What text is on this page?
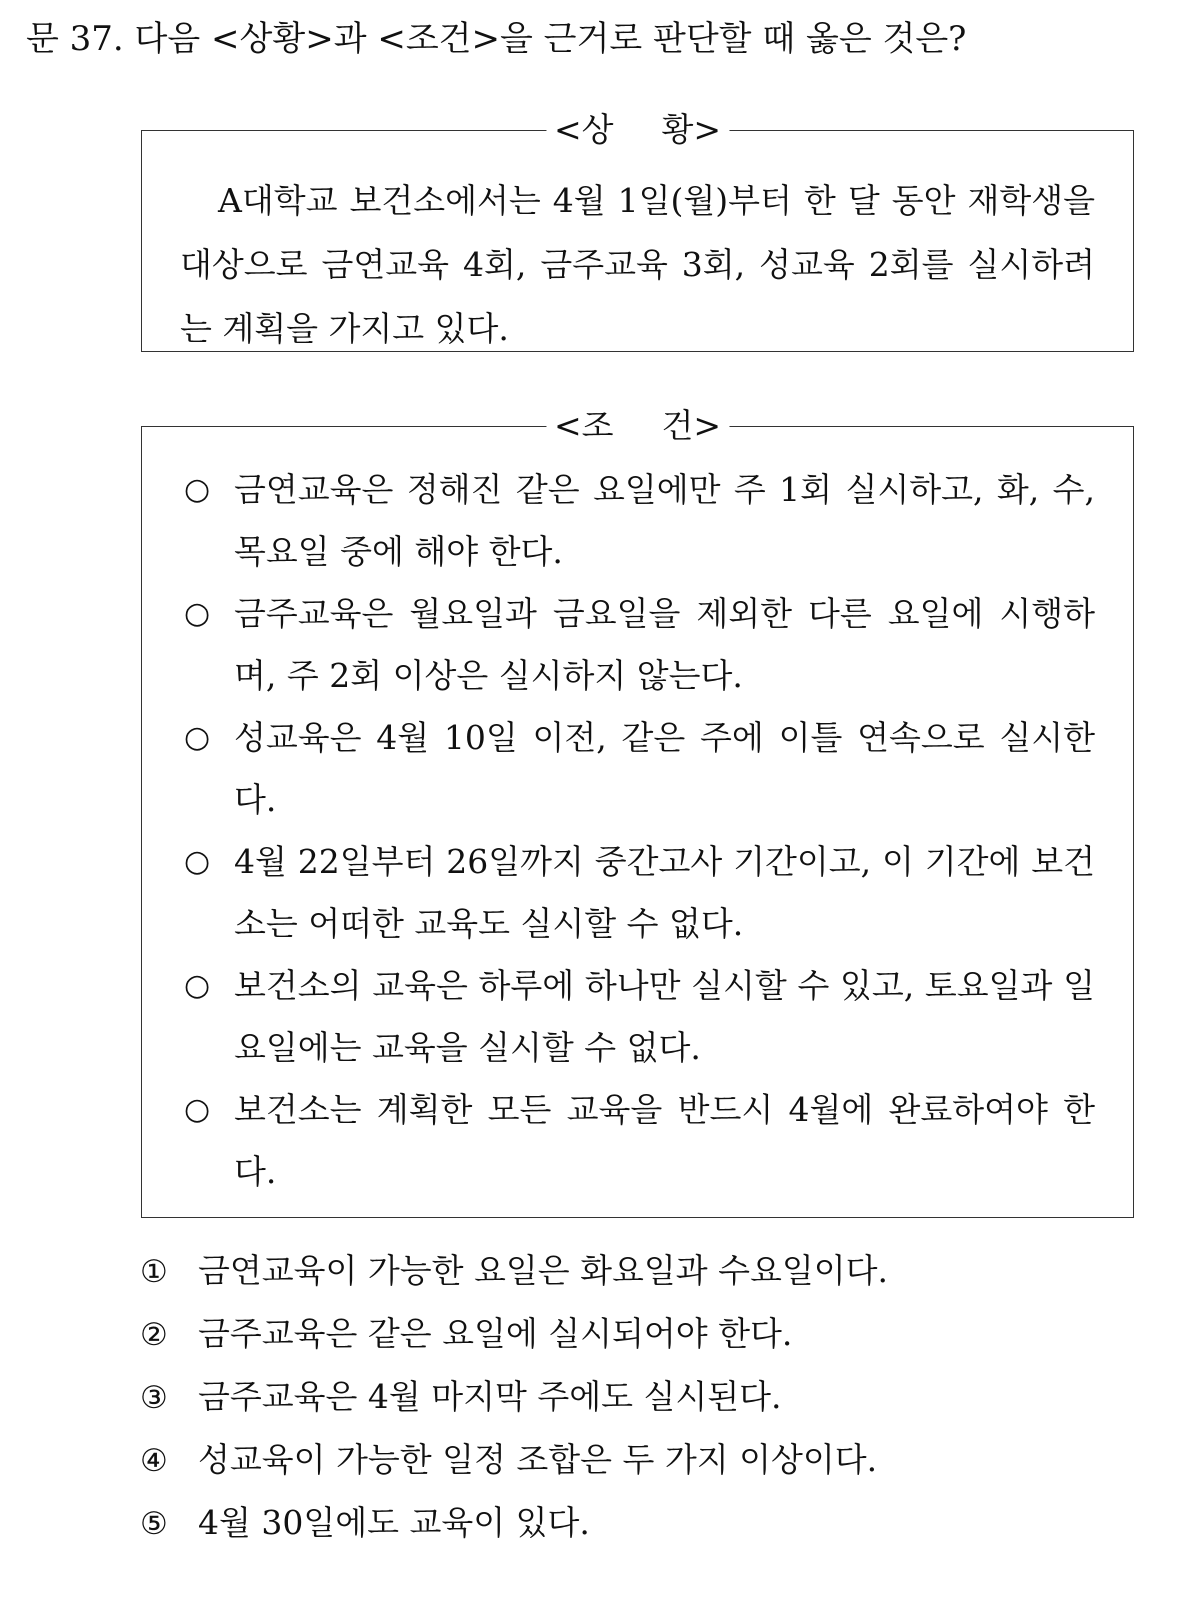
문 37. 다음 <상황>과 <조건>을 근거로 판단할 때 옳은 것은?
<상 황>
A대학교 보건소에서는 4월 1일(월)부터 한 달 동안 재학생을 대상으로 금연교육 4회, 금주교육 3회, 성교육 2회를 실시하려는 계획을 가지고 있다.
<조 건>
○ 금연교육은 정해진 같은 요일에만 주 1회 실시하고, 화, 수, 목요일 중에 해야 한다.
○ 금주교육은 월요일과 금요일을 제외한 다른 요일에 시행하며, 주 2회 이상은 실시하지 않는다.
○ 성교육은 4월 10일 이전, 같은 주에 이틀 연속으로 실시한다.
○ 4월 22일부터 26일까지 중간고사 기간이고, 이 기간에 보건소는 어떠한 교육도 실시할 수 없다.
○ 보건소의 교육은 하루에 하나만 실시할 수 있고, 토요일과 일요일에는 교육을 실시할 수 없다.
○ 보건소는 계획한 모든 교육을 반드시 4월에 완료하여야 한다.
① 금연교육이 가능한 요일은 화요일과 수요일이다.
② 금주교육은 같은 요일에 실시되어야 한다.
③ 금주교육은 4월 마지막 주에도 실시된다.
④ 성교육이 가능한 일정 조합은 두 가지 이상이다.
⑤ 4월 30일에도 교육이 있다.
